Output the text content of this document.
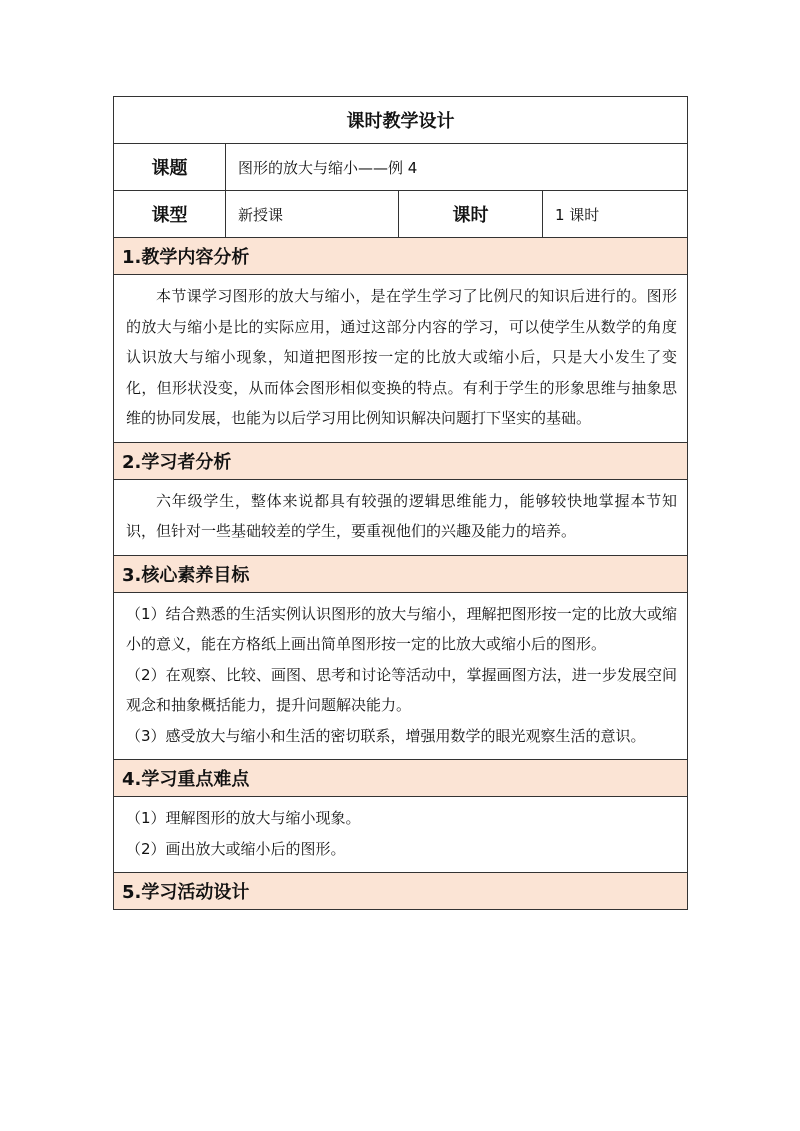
课时教学设计			
课题	图形的放大与缩小——例 4		
课型	新授课	课时	1 课时
1.教学内容分析			

本节课学习图形的放大与缩小，是在学生学习了比例尺的知识后进行的。图形的放大与缩小是比的实际应用，通过这部分内容的学习，可以使学生从数学的角度认识放大与缩小现象，知道把图形按一定的比放大或缩小后，只是大小发生了变化，但形状没变，从而体会图形相似变换的特点。有利于学生的形象思维与抽象思维的协同发展，也能为以后学习用比例知识解决问题打下坚实的基础。			

2.学习者分析			

六年级学生，整体来说都具有较强的逻辑思维能力，能够较快地掌握本节知识，但针对一些基础较差的学生，要重视他们的兴趣及能力的培养。			

3.核心素养目标			

（1）结合熟悉的生活实例认识图形的放大与缩小，理解把图形按一定的比放大或缩小的意义，能在方格纸上画出简单图形按一定的比放大或缩小后的图形。

（2）在观察、比较、画图、思考和讨论等活动中，掌握画图方法，进一步发展空间观念和抽象概括能力，提升问题解决能力。

（3）感受放大与缩小和生活的密切联系，增强用数学的眼光观察生活的意识。			

4.学习重点难点			

（1）理解图形的放大与缩小现象。

（2）画出放大或缩小后的图形。			

5.学习活动设计			
